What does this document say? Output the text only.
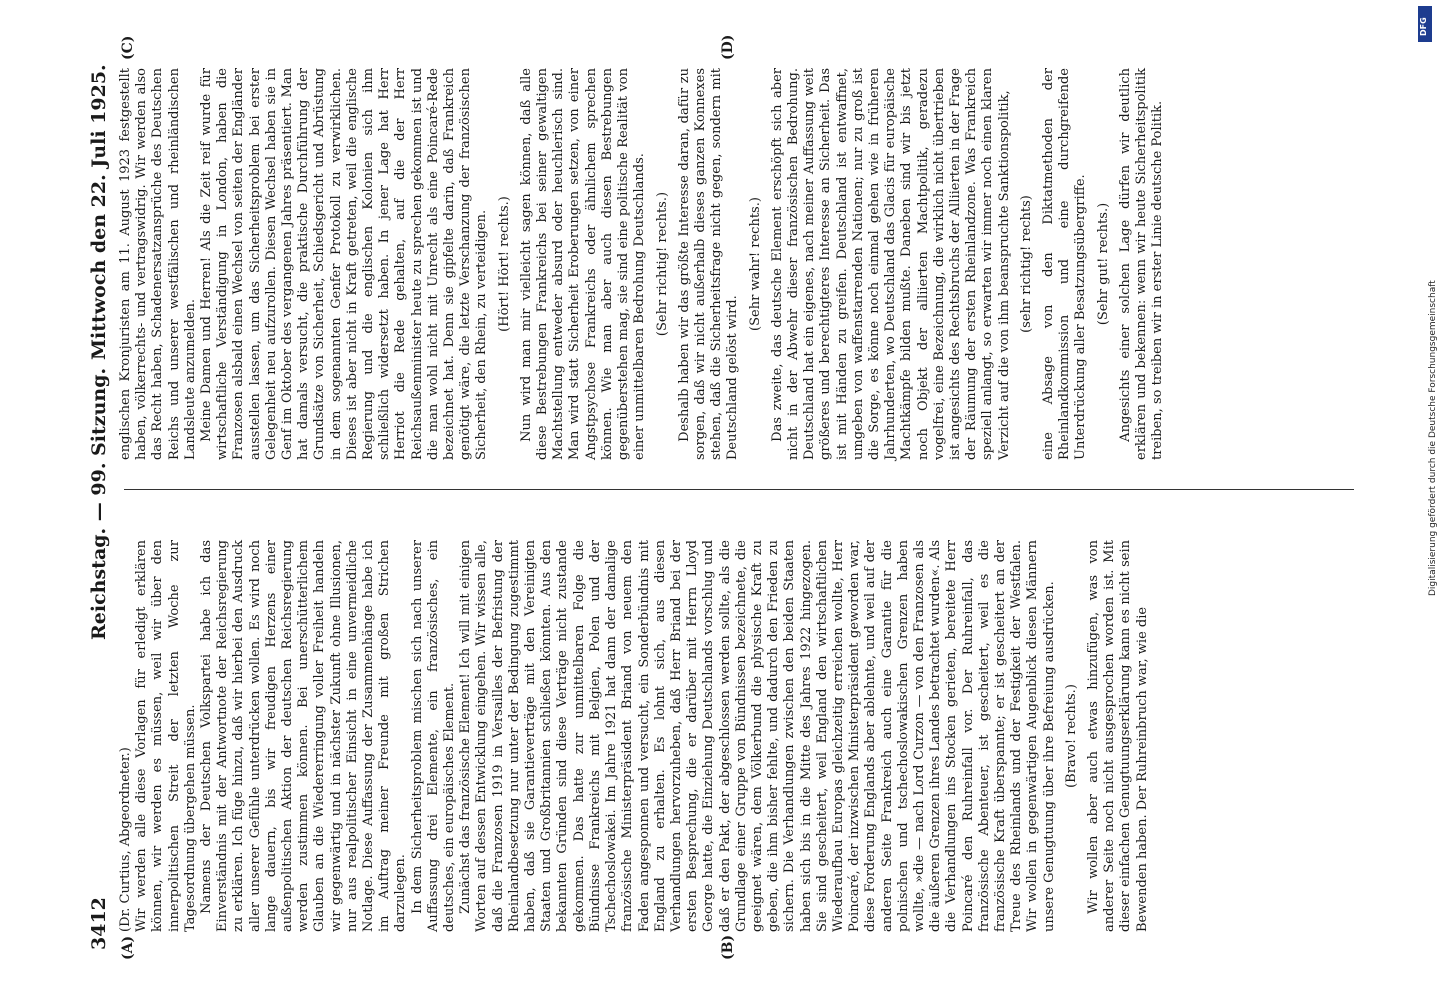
3412
Reichstag. — 99. Sitzung.
Mittwoch den 22. Juli 1925.
(A)	(B)
(C)	(D)

(Dr. Curtius, Abgeordneter.) Wir werden alle diese Vorlagen für erledigt erklären können, wir werden es müssen, weil wir über den innerpolitischen Streit der letzten Woche zur Tagesordnung übergehen müssen. Namens der Deutschen Volkspartei habe ich das Einverständnis mit der Antwortnote der Reichsregierung zu erklären. Ich füge hinzu, daß wir hierbei den Ausdruck aller unserer Gefühle unterdrücken wollen. Es wird noch lange dauern, bis wir freudigen Herzens einer außenpolitischen Aktion der deutschen Reichsregierung werden zustimmen können. Bei unerschütterlichem Glauben an die Wiedererringung voller Freiheit handeln wir gegenwärtig und in nächster Zukunft ohne Illusionen, nur aus realpolitischer Einsicht in eine unvermeidliche Notlage. Diese Auffassung der Zusammenhänge habe ich im Auftrag meiner Freunde mit großen Strichen darzulegen. In dem Sicherheitsproblem mischen sich nach unserer Auffassung drei Elemente, ein französisches, ein deutsches, ein europäisches Element. Zunächst das französische Element! Ich will mit einigen Worten auf dessen Entwicklung eingehen. Wir wissen alle, daß die Franzosen 1919 in Versailles der Befristung der Rheinlandbesetzung nur unter der Bedingung zugestimmt haben, daß sie Garantieverträge mit den Vereinigten Staaten und Großbritannien schließen könnten. Aus den bekannten Gründen sind diese Verträge nicht zustande gekommen. Das hatte zur unmittelbaren Folge die Bündnisse Frankreichs mit Belgien, Polen und der Tschechoslowakei. Im Jahre 1921 hat dann der damalige französische Ministerpräsident Briand von neuem den Faden angesponnen und versucht, ein Sonderbündnis mit England zu erhalten. Es lohnt sich, aus diesen Verhandlungen hervorzuheben, daß Herr Briand bei der ersten Besprechung, die er darüber mit Herrn Lloyd George hatte, die Einziehung Deutschlands vorschlug und daß er den Pakt, der abgeschlossen werden sollte, als die Grundlage einer Gruppe von Bündnissen bezeichnete, die geeignet wären, dem Völkerbund die physische Kraft zu geben, die ihm bisher fehlte, und dadurch den Frieden zu sichern. Die Verhandlungen zwischen den beiden Staaten haben sich bis in die Mitte des Jahres 1922 hingezogen. Sie sind gescheitert, weil England den wirtschaftlichen Wiederaufbau Europas gleichzeitig erreichen wollte, Herr Poincaré, der inzwischen Ministerpräsident geworden war, diese Forderung Englands aber ablehnte, und weil auf der anderen Seite Frankreich auch eine Garantie für die polnischen und tschechoslowakischen Grenzen haben wollte, »die — nach Lord Curzon — von den Franzosen als die äußeren Grenzen ihres Landes betrachtet wurden«. Als die Verhandlungen ins Stocken gerieten, bereitete Herr Poincaré den Ruhreinfall vor. Der Ruhreinfall, das französische Abenteuer, ist gescheitert, weil es die französische Kraft überspannte; er ist gescheitert an der Treue des Rheinlands und der Festigkeit der Westfalen. Wir wollen in gegenwärtigen Augenblick diesen Männern unsere Genugtuung über ihre Befreiung ausdrücken. (Bravo! rechts.) Wir wollen aber auch etwas hinzufügen, was von anderer Seite noch nicht ausgesprochen worden ist. Mit dieser einfachen Genugtuungserklärung kann es nicht sein Bewenden haben. Der Ruhreinbruch war, wie die

englischen Kronjuristen am 11. August 1923 festgestellt haben, völkerrechts- und vertragswidrig. Wir werden also das Recht haben, Schadenersatzansprüche des Deutschen Reichs und unserer westfälischen und rheinländischen Landsleute anzumelden. Meine Damen und Herren! Als die Zeit reif wurde für wirtschaftliche Verständigung in London, haben die Franzosen alsbald einen Wechsel von seiten der Engländer ausstellen lassen, um das Sicherheitsproblem bei erster Gelegenheit neu aufzurollen. Diesen Wechsel haben sie in Genf im Oktober des vergangenen Jahres präsentiert. Man hat damals versucht, die praktische Durchführung der Grundsätze von Sicherheit, Schiedsgericht und Abrüstung in dem sogenannten Genfer Protokoll zu verwirklichen. Dieses ist aber nicht in Kraft getreten, weil die englische Regierung und die englischen Kolonien sich ihm schließlich widersetzt haben. In jener Lage hat Herr Herriot die Rede gehalten, auf die der Herr Reichsaußenminister heute zu sprechen gekommen ist und die man wohl nicht mit Unrecht als eine Poincaré-Rede bezeichnet hat. Denn sie gipfelte darin, daß Frankreich genötigt wäre, die letzte Verschanzung der französischen Sicherheit, den Rhein, zu verteidigen. (Hört! Hört! rechts.) Nun wird man mir vielleicht sagen können, daß alle diese Bestrebungen Frankreichs bei seiner gewaltigen Machtstellung entweder absurd oder heuchlerisch sind. Man wird statt Sicherheit Eroberungen setzen, von einer Angstpsychose Frankreichs oder ähnlichem sprechen können. Wie man aber auch diesen Bestrebungen gegenüberstehen mag, sie sind eine politische Realität von einer unmittelbaren Bedrohung Deutschlands. (Sehr richtig! rechts.) Deshalb haben wir das größte Interesse daran, dafür zu sorgen, daß wir nicht außerhalb dieses ganzen Konnexes stehen, daß die Sicherheitsfrage nicht gegen, sondern mit Deutschland gelöst wird.

(Sehr wahr! rechts.) Das zweite, das deutsche Element erschöpft sich aber nicht in der Abwehr dieser französischen Bedrohung. Deutschland hat ein eigenes, nach meiner Auffassung weit größeres und berechtigteres Interesse an Sicherheit. Das ist mit Händen zu greifen. Deutschland ist entwaffnet, umgeben von waffenstarrenden Nationen; nur zu groß ist die Sorge, es könne noch einmal gehen wie in früheren Jahrhunderten, wo Deutschland das Glacis für europäische Machtkämpfe bilden mußte. Daneben sind wir bis jetzt noch Objekt der alliierten Machtpolitik, geradezu vogelfrei, eine Bezeichnung, die wirklich nicht übertrieben ist angesichts des Rechtsbruchs der Alliierten in der Frage der Räumung der ersten Rheinlandzone. Was Frankreich speziell anlangt, so erwarten wir immer noch einen klaren Verzicht auf die von ihm beanspruchte Sanktionspolitik, (sehr richtig! rechts) eine Absage von den Diktatmethoden der Rheinlandkommission und eine durchgreifende Unterdrückung aller Besatzungsübergriffe. (Sehr gut! rechts.) Angesichts einer solchen Lage dürfen wir deutlich erklären und bekennen: wenn wir heute Sicherheitspolitik treiben, so treiben wir in erster Linie deutsche Politik.

DFG
Digitalisierung gefördert durch die Deutsche Forschungsgemeinschaft
